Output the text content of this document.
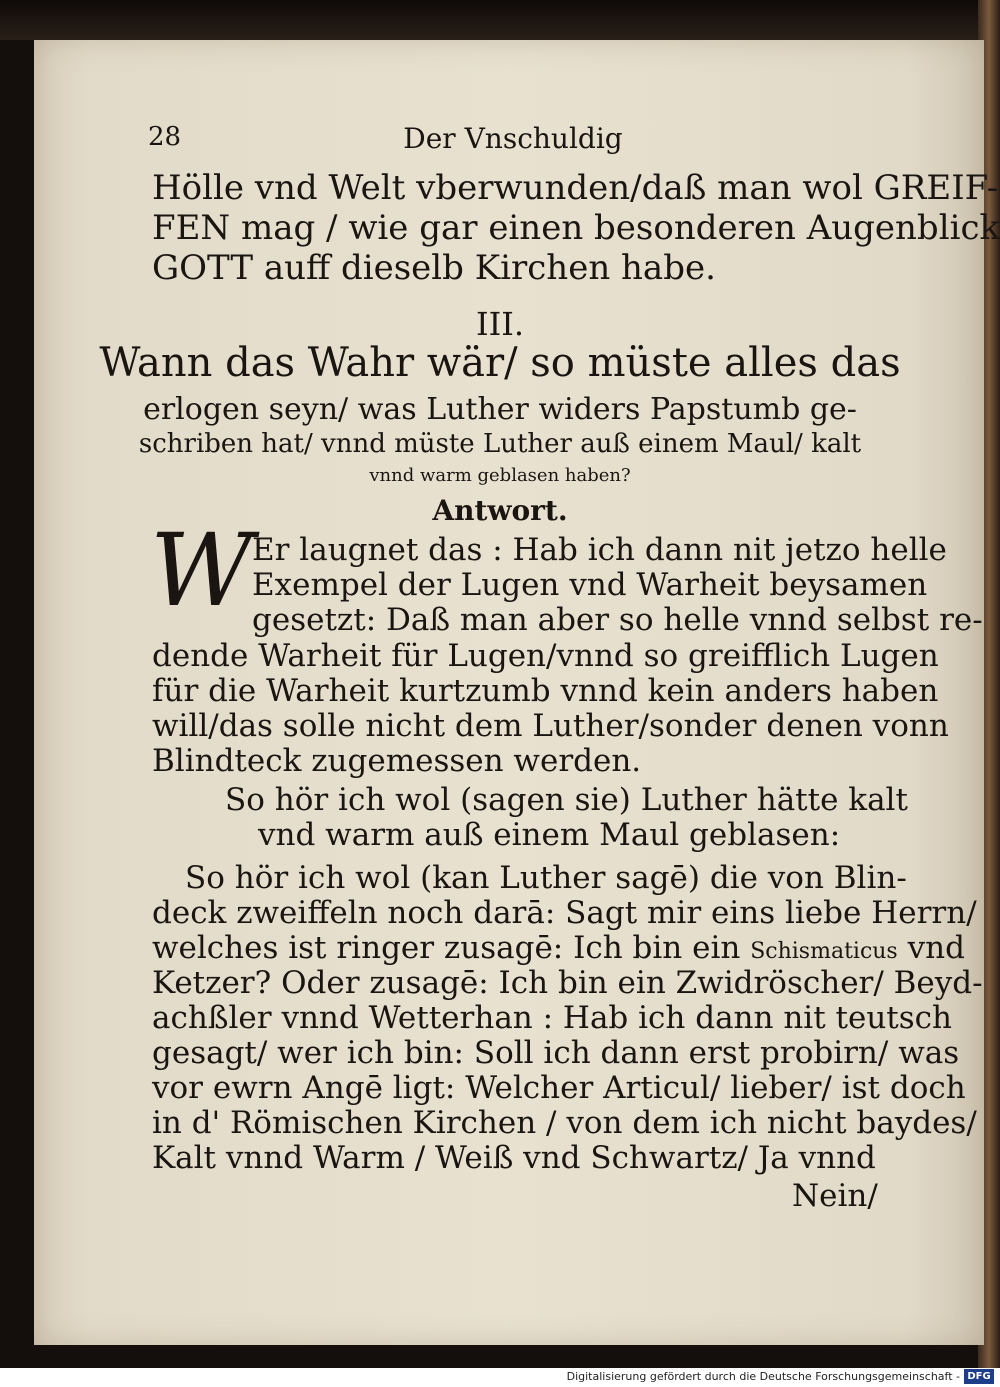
28	Der Vnschuldig
Hölle vnd Welt vberwunden/daß man wol GREIF-
FEN mag / wie gar einen besonderen Augenblick
GOTT auff dieselb Kirchen habe.
III.
Wann das Wahr wär/ so müste alles das
erlogen seyn/ was Luther widers Papstumb ge-
schriben hat/ vnnd müste Luther auß einem Maul/ kalt
vnnd warm geblasen haben?
Antwort.
W Er laugnet das : Hab ich dann nit jetzo helle
Exempel der Lugen vnd Warheit beysamen
gesetzt: Daß man aber so helle vnnd selbst re-
dende Warheit für Lugen/vnnd so greifflich Lugen
für die Warheit kurtzumb vnnd kein anders haben
will/das solle nicht dem Luther/sonder denen vonn
Blindteck zugemessen werden.
So hör ich wol (sagen sie) Luther hätte kalt
vnd warm auß einem Maul geblasen:
So hör ich wol (kan Luther sagē) die von Blin-
deck zweiffeln noch darā: Sagt mir eins liebe Herrn/
welches ist ringer zusagē: Ich bin ein Schismaticus vnd
Ketzer? Oder zusagē: Ich bin ein Zwidröscher/ Beyd-
achßler vnnd Wetterhan : Hab ich dann nit teutsch
gesagt/ wer ich bin: Soll ich dann erst probirn/ was
vor ewrn Angē ligt: Welcher Articul/ lieber/ ist doch
in d' Römischen Kirchen / von dem ich nicht baydes/
Kalt vnnd Warm / Weiß vnd Schwartz/ Ja vnnd
Nein/
Digitalisierung gefördert durch die Deutsche Forschungsgemeinschaft - DFG
